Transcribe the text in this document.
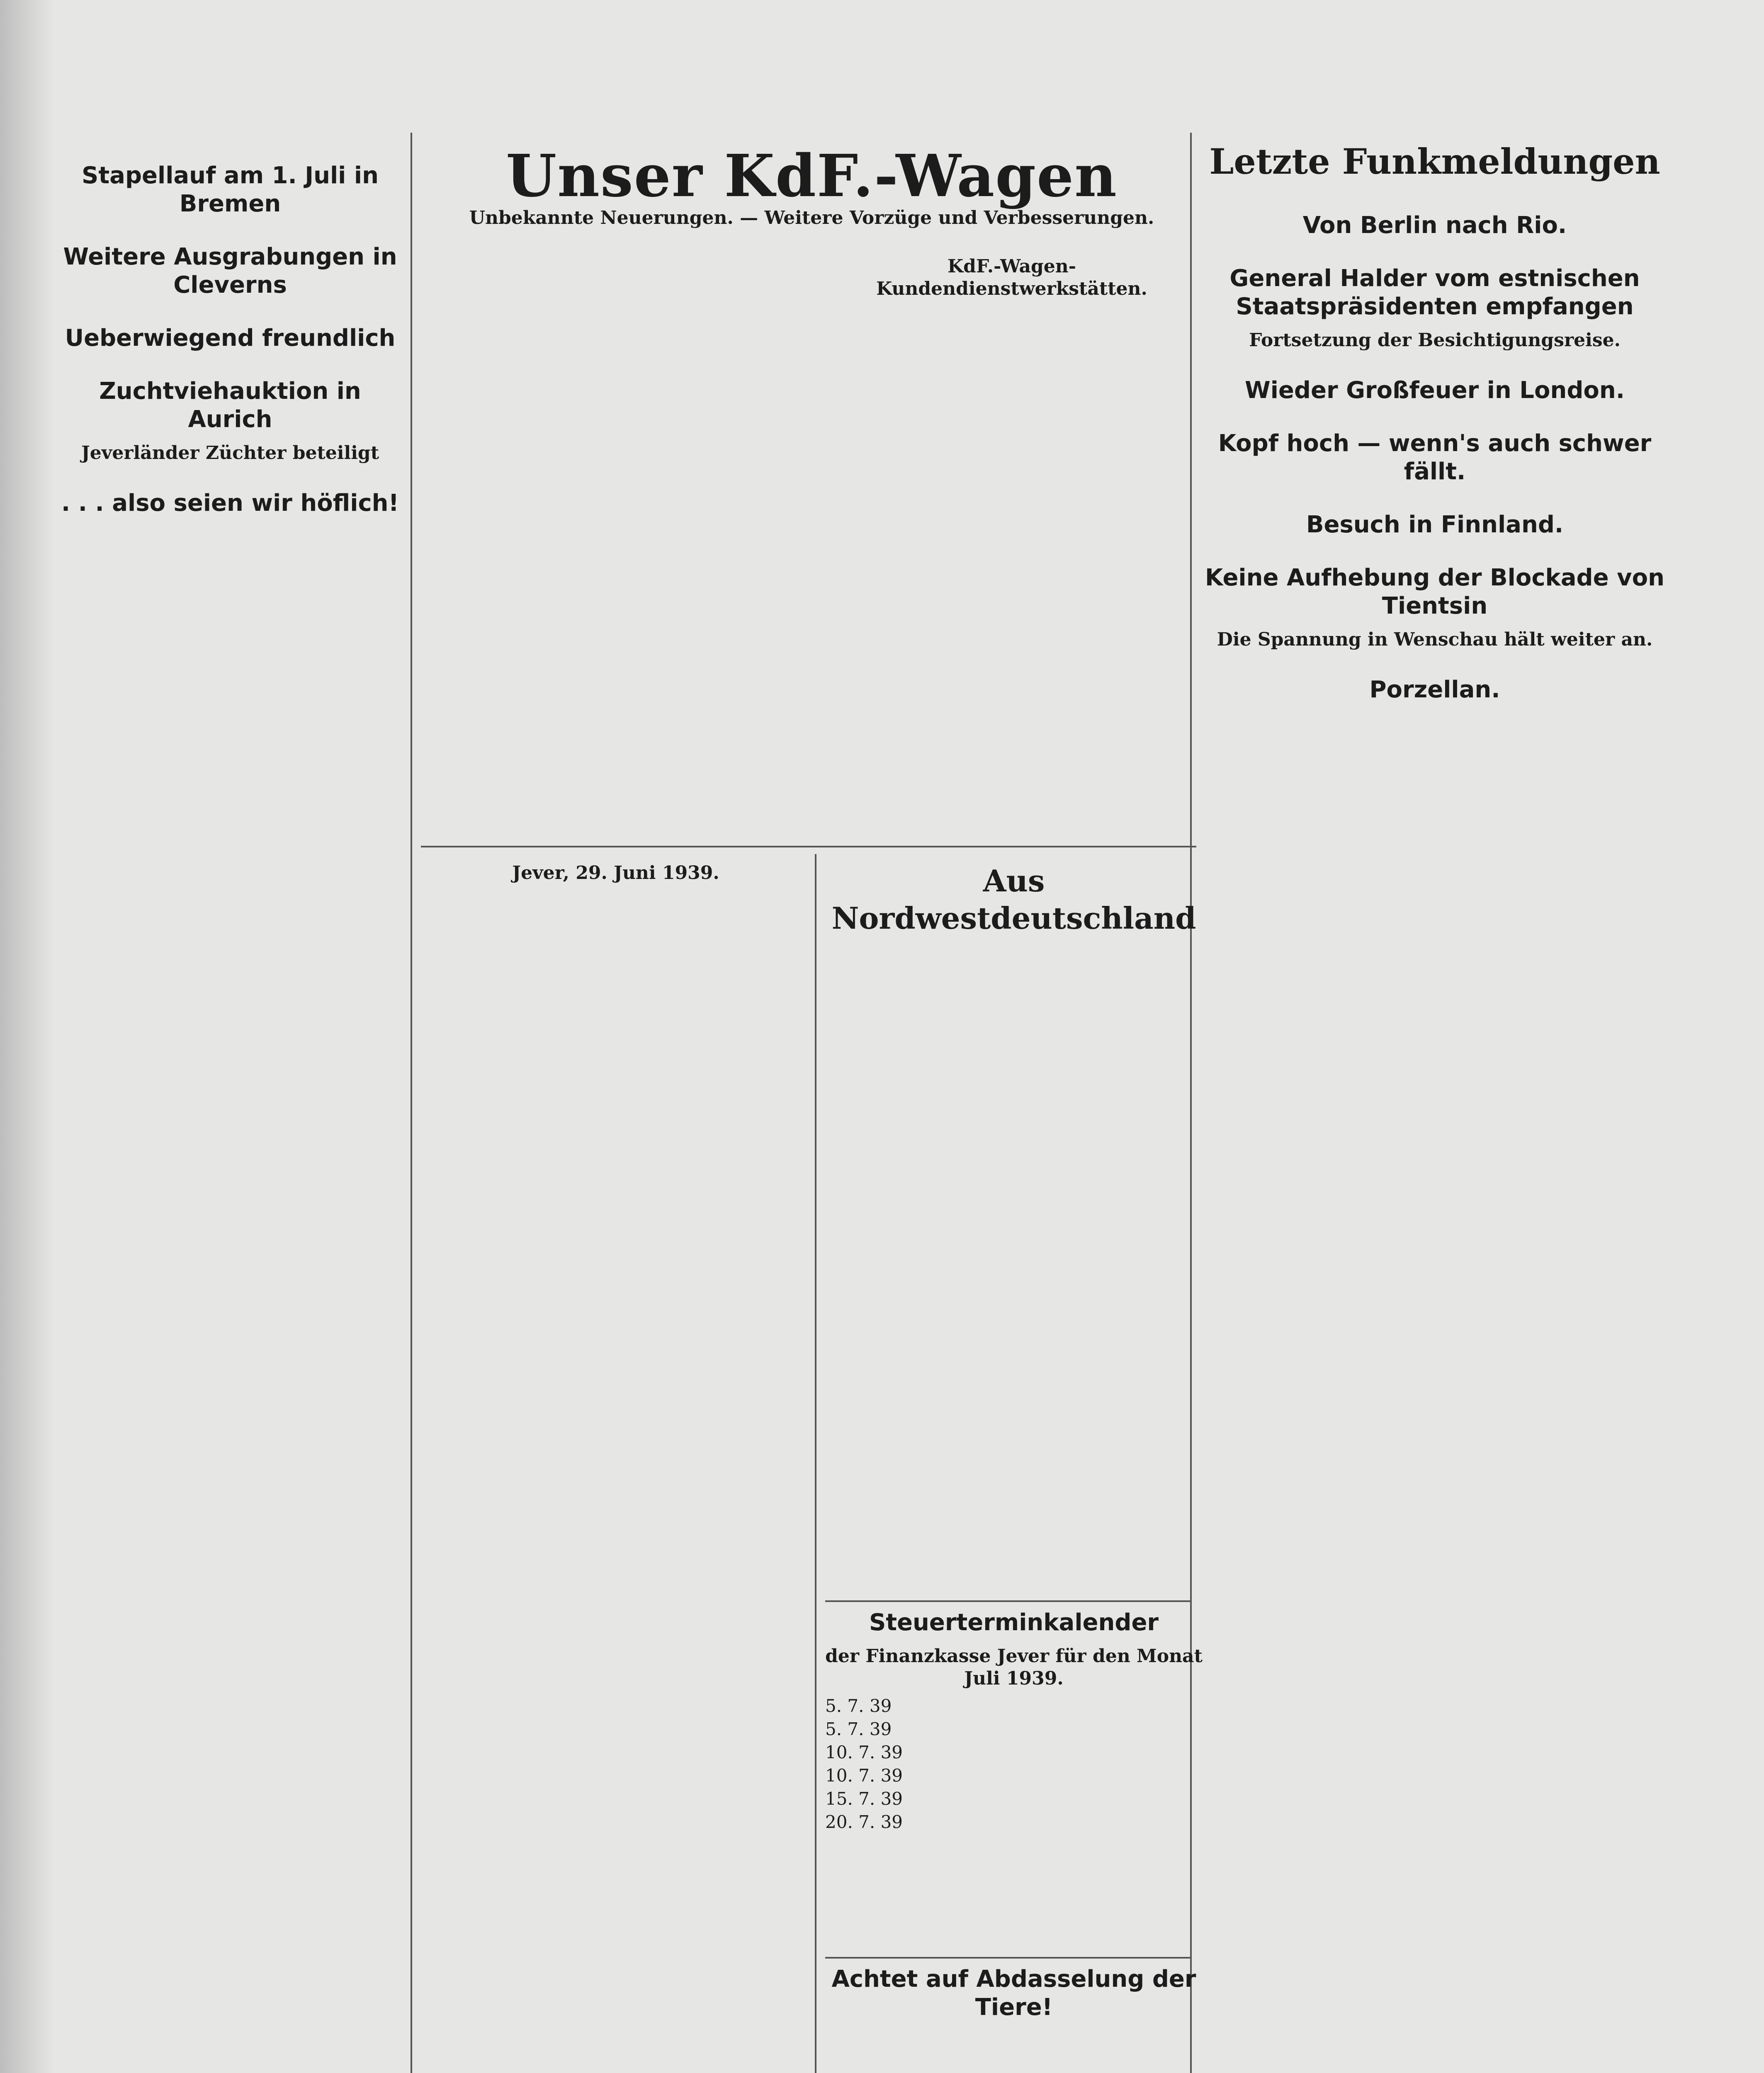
Stapellauf am 1. Juli in Bremen

Weitere Ausgrabungen in Cleverns

Ueberwiegend freundlich

Zuchtviehauktion in Aurich
Jeverländer Züchter beteiligt

. . . also seien wir höflich!

Unser KdF.-Wagen
Unbekannte Neuerungen. — Weitere Vorzüge und Verbesserungen.

KdF.-Wagen-Kundendienstwerkstätten.

Jever, 29. Juni 1939.	Aus Nordwestdeutschland

Steuerterminkalender
der Finanzkasse Jever für den Monat Juli 1939.
5. 7. 39	
5. 7. 39	
10. 7. 39	
10. 7. 39	
15. 7. 39	
20. 7. 39	

Achtet auf Abdasselung der Tiere!

Letzte Funkmeldungen

Von Berlin nach Rio.

General Halder vom estnischen Staatspräsidenten empfangen
Fortsetzung der Besichtigungsreise.

Wieder Großfeuer in London.

Kopf hoch — wenn's auch schwer fällt.

Besuch in Finnland.

Keine Aufhebung der Blockade von Tientsin
Die Spannung in Wenschau hält weiter an.

Porzellan.
